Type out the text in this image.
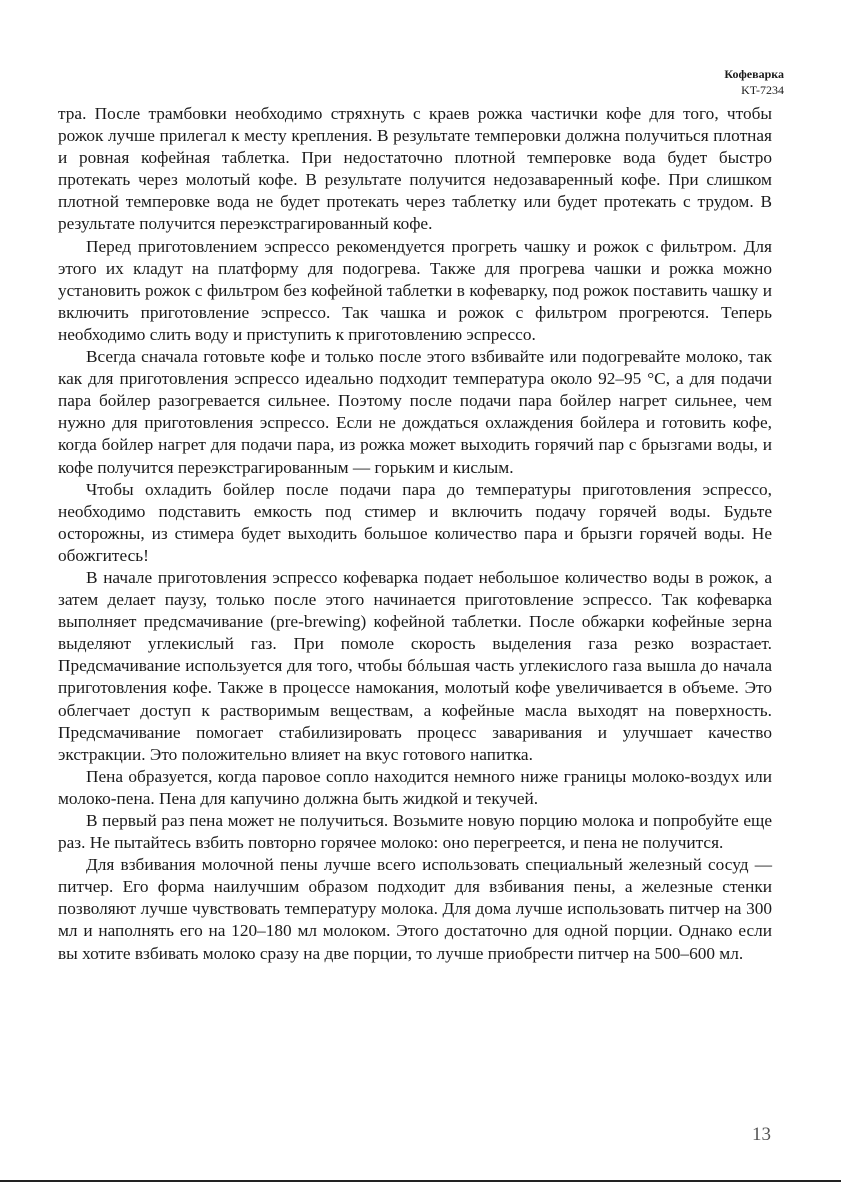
Кофеварка
KT-7234

тра. После трамбовки необходимо стряхнуть с краев рожка частички кофе для того, чтобы рожок лучше прилегал к месту крепления. В результате темперовки должна получиться плотная и ровная кофейная таблетка. При недостаточно плотной темперовке вода будет быстро протекать через молотый кофе. В результате получится недозаваренный кофе. При слишком плотной темперовке вода не будет протекать через таблетку или будет протекать с трудом. В результате получится переэкстрагированный кофе.

Перед приготовлением эспрессо рекомендуется прогреть чашку и рожок с фильтром. Для этого их кладут на платформу для подогрева. Также для прогрева чашки и рожка можно установить рожок с фильтром без кофейной таблетки в кофеварку, под рожок поставить чашку и включить приготовление эспрессо. Так чашка и рожок с фильтром прогреются. Теперь необходимо слить воду и приступить к приготовлению эспрессо.

Всегда сначала готовьте кофе и только после этого взбивайте или подогревайте молоко, так как для приготовления эспрессо идеально подходит температура около 92–95 °C, а для подачи пара бойлер разогревается сильнее. Поэтому после подачи пара бойлер нагрет сильнее, чем нужно для приготовления эспрессо. Если не дождаться охлаждения бойлера и готовить кофе, когда бойлер нагрет для подачи пара, из рожка может выходить горячий пар с брызгами воды, и кофе получится переэкстрагированным — горьким и кислым.

Чтобы охладить бойлер после подачи пара до температуры приготовления эспрессо, необходимо подставить емкость под стимер и включить подачу горячей воды. Будьте осторожны, из стимера будет выходить большое количество пара и брызги горячей воды. Не обожгитесь!

В начале приготовления эспрессо кофеварка подает небольшое количество воды в рожок, а затем делает паузу, только после этого начинается приготовление эспрессо. Так кофеварка выполняет предсмачивание (pre-brewing) кофейной таблетки. После обжарки кофейные зерна выделяют углекислый газ. При помоле скорость выделения газа резко возрастает. Предсмачивание используется для того, чтобы бóльшая часть углекислого газа вышла до начала приготовления кофе. Также в процессе намокания, молотый кофе увеличивается в объеме. Это облегчает доступ к растворимым веществам, а кофейные масла выходят на поверхность. Предсмачивание помогает стабилизировать процесс заваривания и улучшает качество экстракции. Это положительно влияет на вкус готового напитка.

Пена образуется, когда паровое сопло находится немного ниже границы молоко-воздух или молоко-пена. Пена для капучино должна быть жидкой и текучей.

В первый раз пена может не получиться. Возьмите новую порцию молока и попробуйте еще раз. Не пытайтесь взбить повторно горячее молоко: оно перегреется, и пена не получится.

Для взбивания молочной пены лучше всего использовать специальный железный сосуд — питчер. Его форма наилучшим образом подходит для взбивания пены, а железные стенки позволяют лучше чувствовать температуру молока. Для дома лучше использовать питчер на 300 мл и наполнять его на 120–180 мл молоком. Этого достаточно для одной порции. Однако если вы хотите взбивать молоко сразу на две порции, то лучше приобрести питчер на 500–600 мл.

13
